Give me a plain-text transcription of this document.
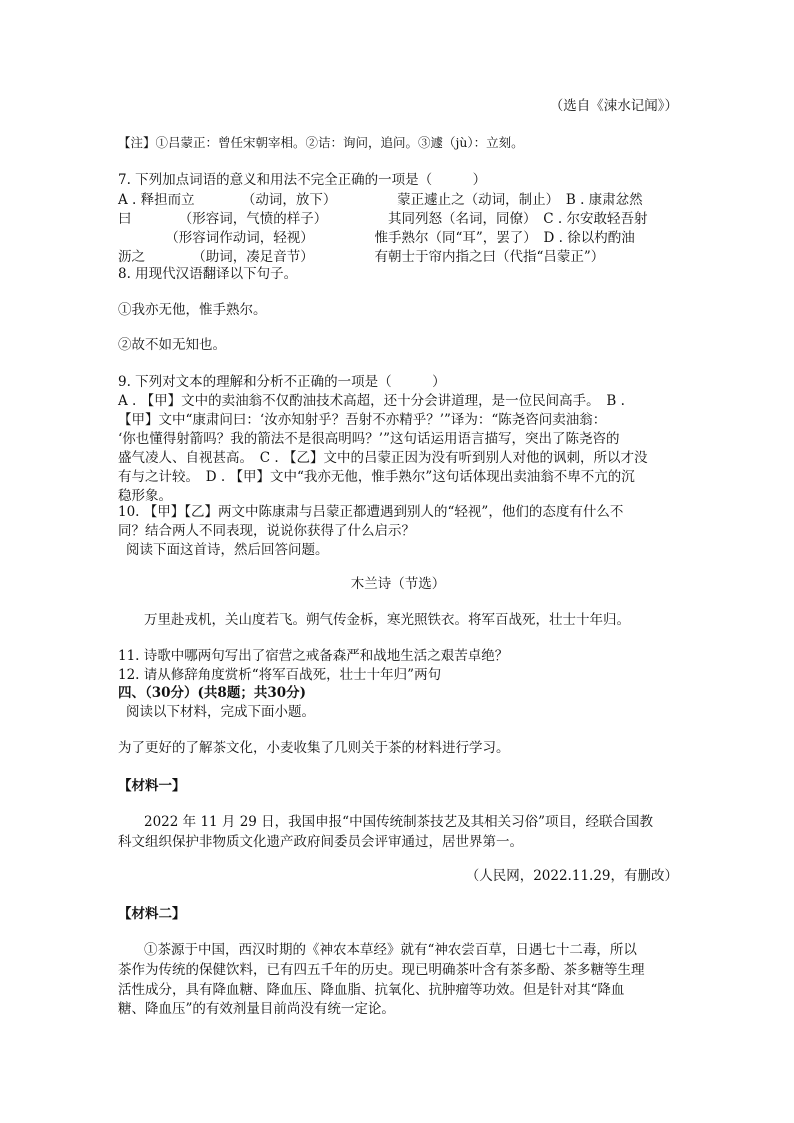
（选自《涑水记闻》）
【注】①吕蒙正：曾任宋朝宰相。②诘：询问，追问。③遽（jù）：立刻。
7. 下列加点词语的意义和用法不完全正确的一项是（　　　）
A . 释担而立　　　　（动词，放下）　　　　　蒙正遽止之（动词，制止）　B . 康肃忿然
曰　　　　（形容词，气愤的样子）　　　　　其同列怒（名词，同僚）　C . 尔安敢轻吾射
　　　　（形容词作动词，轻视）　　　　　惟手熟尔（同“耳”，罢了）　D . 徐以杓酌油
沥之　　　　（助词，凑足音节）　　　　　有朝士于帘内指之曰（代指“吕蒙正”）
8. 用现代汉语翻译以下句子。
①我亦无他，惟手熟尔。
②故不如无知也。
9. 下列对文本的理解和分析不正确的一项是（　　　）
A . 【甲】文中的卖油翁不仅酌油技术高超，还十分会讲道理，是一位民间高手。　B .
【甲】文中“康肃问曰：‘汝亦知射乎？吾射不亦精乎？’”译为：“陈尧咨问卖油翁：
‘你也懂得射箭吗？我的箭法不是很高明吗？’”这句话运用语言描写，突出了陈尧咨的
盛气凌人、自视甚高。　C . 【乙】文中的吕蒙正因为没有听到别人对他的讽刺，所以才没
有与之计较。　D . 【甲】文中“我亦无他，惟手熟尔”这句话体现出卖油翁不卑不亢的沉
稳形象。
10. 【甲】【乙】两文中陈康肃与吕蒙正都遭遇到别人的“轻视”，他们的态度有什么不
同？结合两人不同表现，说说你获得了什么启示？
阅读下面这首诗，然后回答问题。
木兰诗（节选）
万里赴戎机，关山度若飞。朔气传金柝，寒光照铁衣。将军百战死，壮士十年归。
11. 诗歌中哪两句写出了宿营之戒备森严和战地生活之艰苦卓绝？
12. 请从修辞角度赏析“将军百战死，壮士十年归”两句
四、（30分）(共8题；共30分)
阅读以下材料，完成下面小题。
为了更好的了解茶文化，小麦收集了几则关于茶的材料进行学习。
【材料一】
2022 年 11 月 29 日，我国申报“中国传统制茶技艺及其相关习俗”项目，经联合国教
科文组织保护非物质文化遗产政府间委员会评审通过，居世界第一。
（人民网，2022.11.29，有删改）
【材料二】
①茶源于中国，西汉时期的《神农本草经》就有“神农尝百草，日遇七十二毒，所以
茶作为传统的保健饮料，已有四五千年的历史。现已明确茶叶含有茶多酚、茶多糖等生理
活性成分，具有降血糖、降血压、降血脂、抗氧化、抗肿瘤等功效。但是针对其“降血
糖、降血压”的有效剂量目前尚没有统一定论。
